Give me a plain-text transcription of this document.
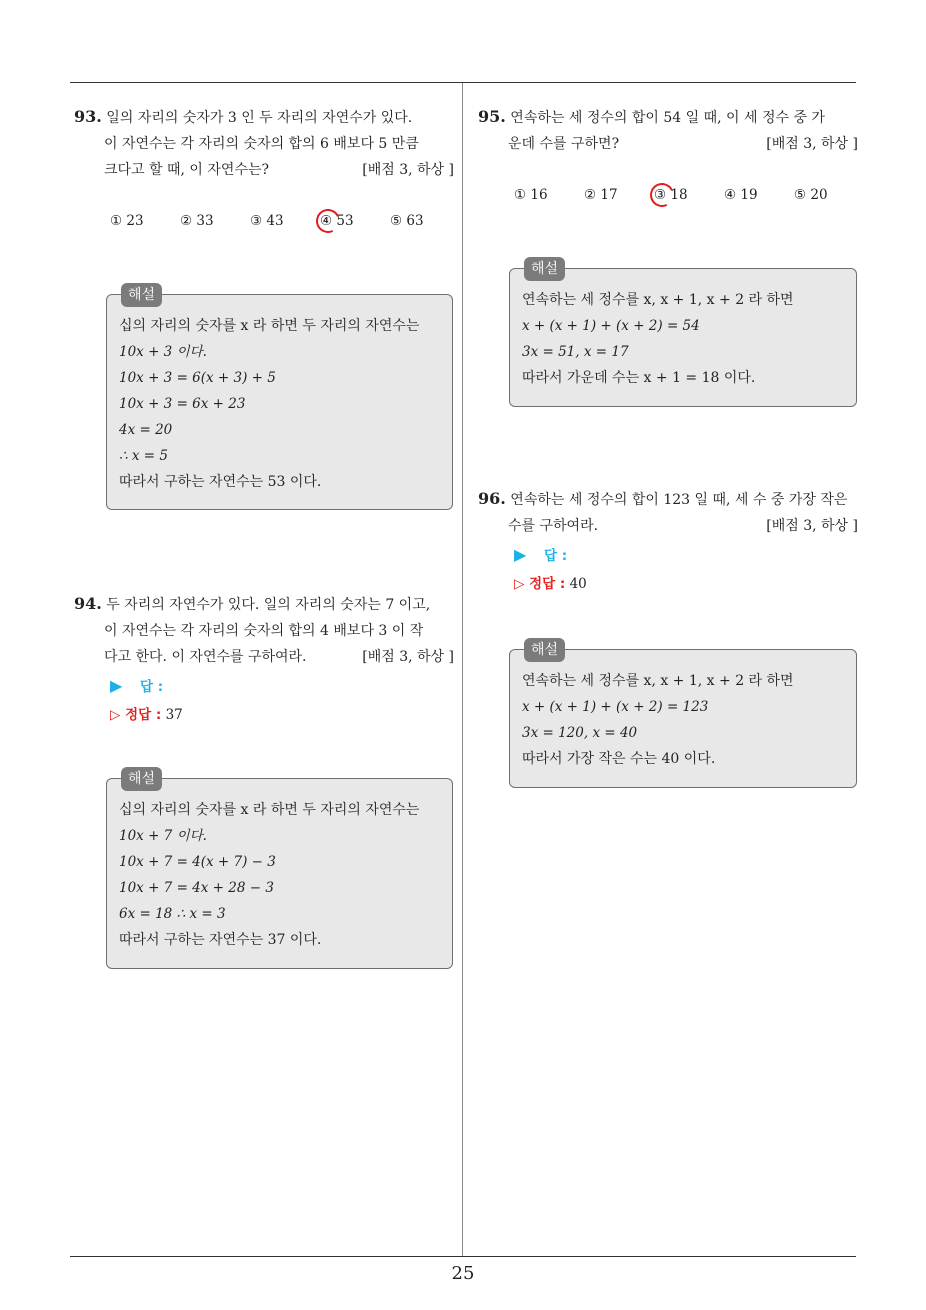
93. 일의 자리의 숫자가 3 인 두 자리의 자연수가 있다.
이 자연수는 각 자리의 숫자의 합의 6 배보다 5 만큼
크다고 할 때, 이 자연수는?	[배점 3, 하상 ]
① 23	② 33	③ 43	④ 53	⑤ 63
해설
십의 자리의 숫자를 x 라 하면 두 자리의 자연수는
10x + 3 이다.
10x + 3 = 6(x + 3) + 5
10x + 3 = 6x + 23
4x = 20
∴ x = 5
따라서 구하는 자연수는 53 이다.
94. 두 자리의 자연수가 있다. 일의 자리의 숫자는 7 이고,
이 자연수는 각 자리의 숫자의 합의 4 배보다 3 이 작
다고 한다. 이 자연수를 구하여라.	[배점 3, 하상 ]
▶ 답 :
▷ 정답 : 37
해설
십의 자리의 숫자를 x 라 하면 두 자리의 자연수는
10x + 7 이다.
10x + 7 = 4(x + 7) − 3
10x + 7 = 4x + 28 − 3
6x = 18 ∴ x = 3
따라서 구하는 자연수는 37 이다.
95. 연속하는 세 정수의 합이 54 일 때, 이 세 정수 중 가
운데 수를 구하면?	[배점 3, 하상 ]
① 16	② 17	③ 18	④ 19	⑤ 20
해설
연속하는 세 정수를 x, x + 1, x + 2 라 하면
x + (x + 1) + (x + 2) = 54
3x = 51, x = 17
따라서 가운데 수는 x + 1 = 18 이다.
96. 연속하는 세 정수의 합이 123 일 때, 세 수 중 가장 작은
수를 구하여라.	[배점 3, 하상 ]
▶ 답 :
▷ 정답 : 40
해설
연속하는 세 정수를 x, x + 1, x + 2 라 하면
x + (x + 1) + (x + 2) = 123
3x = 120, x = 40
따라서 가장 작은 수는 40 이다.
25
